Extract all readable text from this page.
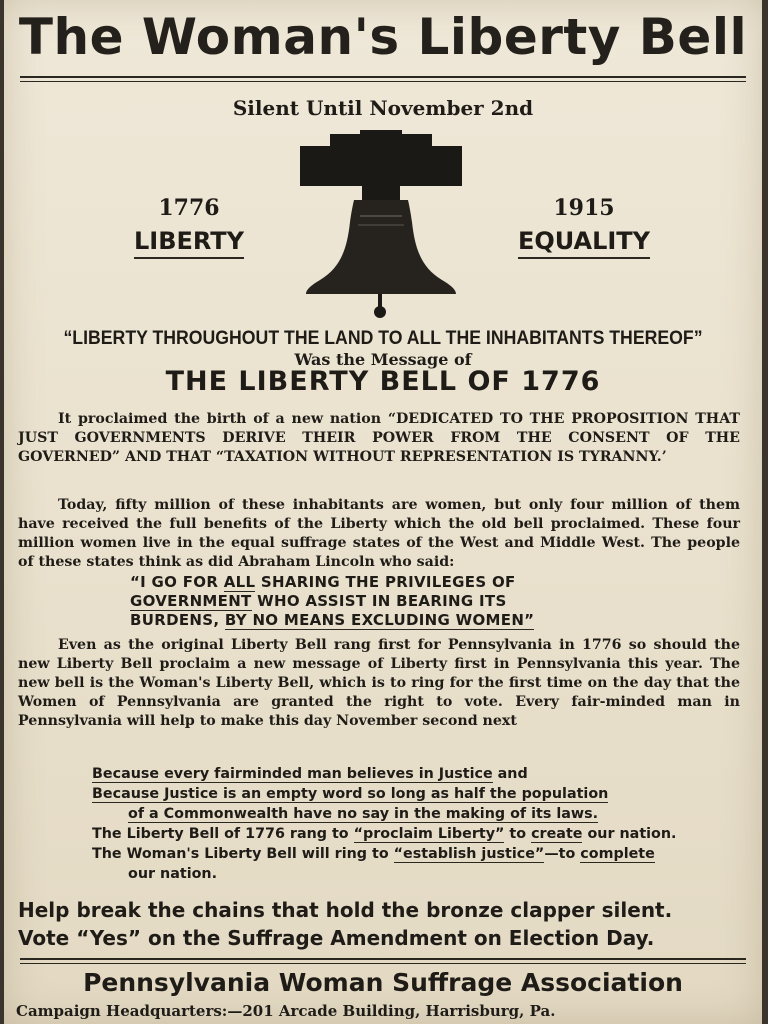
The Woman's Liberty Bell
Silent Until November 2nd
1776
LIBERTY
1915
EQUALITY
“LIBERTY THROUGHOUT THE LAND TO ALL THE INHABITANTS THEREOF”
Was the Message of
THE LIBERTY BELL OF 1776
It proclaimed the birth of a new nation “DEDICATED TO THE PROPOSITION THAT JUST GOVERNMENTS DERIVE THEIR POWER FROM THE CONSENT OF THE GOVERNED” AND THAT “TAXATION WITHOUT REPRESENTATION IS TYRANNY.’
Today, fifty million of these inhabitants are women, but only four million of them have received the full benefits of the Liberty which the old bell proclaimed. These four million women live in the equal suffrage states of the West and Middle West. The people of these states think as did Abraham Lincoln who said:
“I GO FOR ALL SHARING THE PRIVILEGES OF
GOVERNMENT WHO ASSIST IN BEARING ITS
BURDENS, BY NO MEANS EXCLUDING WOMEN”
Even as the original Liberty Bell rang first for Pennsylvania in 1776 so should the new Liberty Bell proclaim a new message of Liberty first in Pennsylvania this year. The new bell is the Woman's Liberty Bell, which is to ring for the first time on the day that the Women of Pennsylvania are granted the right to vote. Every fair-minded man in Pennsylvania will help to make this day November second next
Because every fairminded man believes in Justice and
Because Justice is an empty word so long as half the population
of a Commonwealth have no say in the making of its laws.
The Liberty Bell of 1776 rang to “proclaim Liberty” to create our nation.
The Woman's Liberty Bell will ring to “establish justice”—to complete
our nation.
Help break the chains that hold the bronze clapper silent.
Vote “Yes” on the Suffrage Amendment on Election Day.
Pennsylvania Woman Suffrage Association
Campaign Headquarters:—201 Arcade Building, Harrisburg, Pa.
